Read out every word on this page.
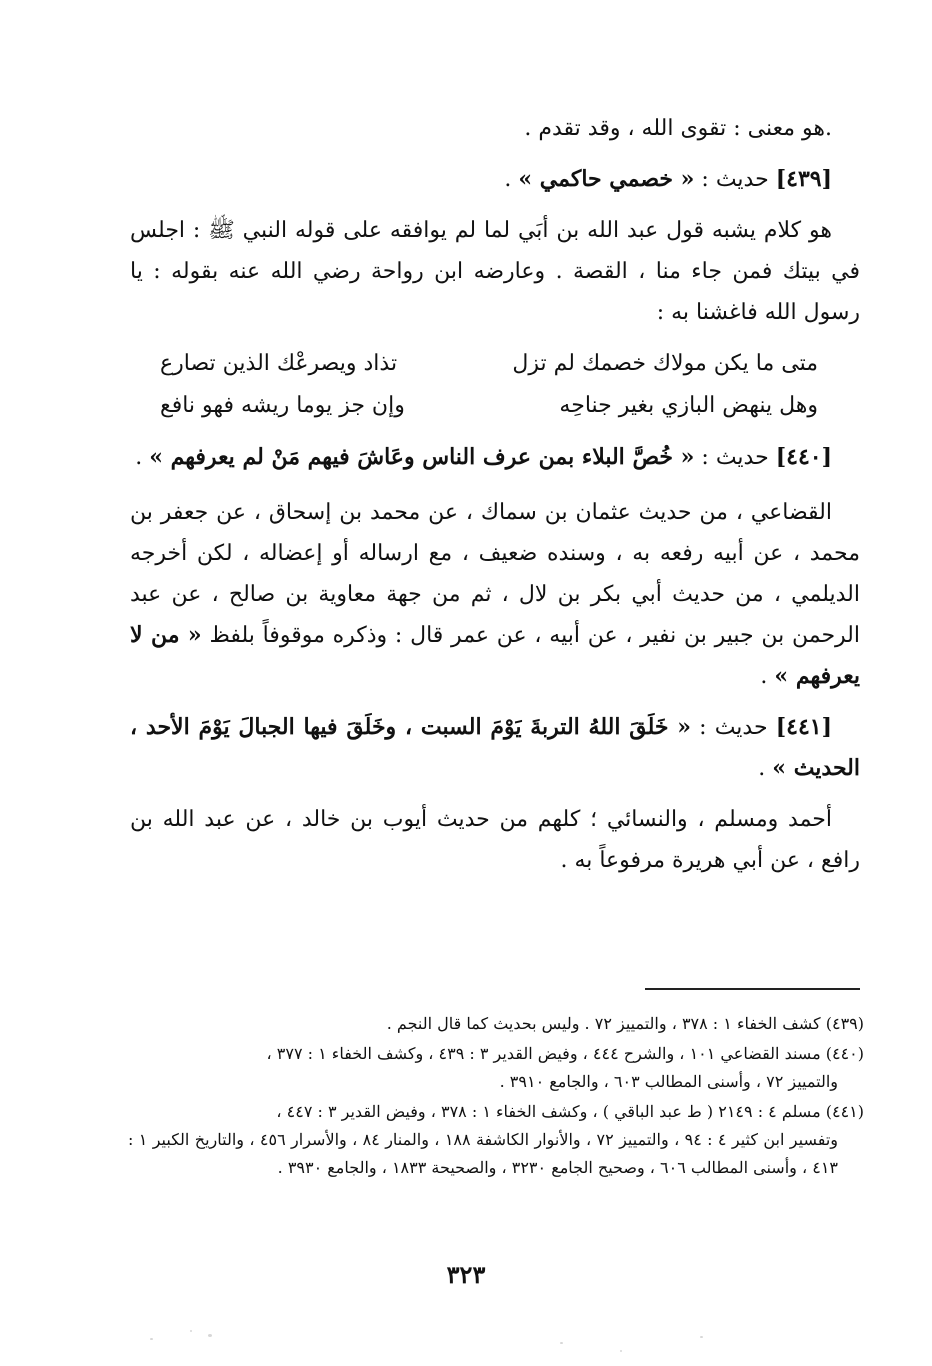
.هو معنى : تقوى الله ، وقد تقدم .

[٤٣٩] حديث : « خصمي حاكمي » .

هو كلام يشبه قول عبد الله بن أبَي لما لم يوافقه على قوله النبي ﷺ : اجلس في بيتك فمن جاء منا ، القصة . وعارضه ابن رواحة رضي الله عنه بقوله : يا رسول الله فاغشنا به :

متى ما يكن مولاك خصمك لم تزل
تذاد ويصرعْك الذين تصارع
وهل ينهض البازي بغير جناحِه
وإن جز يوما ريشه فهو نافع

[٤٤٠] حديث : « خُصَّ البلاء بمن عرف الناس وعَاشَ فيهم مَنْ لم يعرفهم » .

القضاعي ، من حديث عثمان بن سماك ، عن محمد بن إسحاق ، عن جعفر بن محمد ، عن أبيه رفعه به ، وسنده ضعيف ، مع ارساله أو إعضاله ، لكن أخرجه الديلمي ، من حديث أبي بكر بن لال ، ثم من جهة معاوية بن صالح ، عن عبد الرحمن بن جبير بن نفير ، عن أبيه ، عن عمر قال : وذكره موقوفاً بلفظ « من لا يعرفهم » .

[٤٤١] حديث : « خَلَقَ اللهُ التربةَ يَوْمَ السبت ، وخَلَقَ فيها الجبالَ يَوْمَ الأحد ، الحديث » .

أحمد ومسلم ، والنسائي ؛ كلهم من حديث أيوب بن خالد ، عن عبد الله بن رافع ، عن أبي هريرة مرفوعاً به .

(٤٣٩) كشف الخفاء ١ : ٣٧٨ ، والتمييز ٧٢ . وليس بحديث كما قال النجم .

(٤٤٠) مسند القضاعي ١٠١ ، والشرح ٤٤٤ ، وفيض القدير ٣ : ٤٣٩ ، وكشف الخفاء ١ : ٣٧٧ ،
والتمييز ٧٢ ، وأسنى المطالب ٦٠٣ ، والجامع ٣٩١٠ .

(٤٤١) مسلم ٤ : ٢١٤٩ ( ط عبد الباقي ) ، وكشف الخفاء ١ : ٣٧٨ ، وفيض القدير ٣ : ٤٤٧ ،
وتفسير ابن كثير ٤ : ٩٤ ، والتمييز ٧٢ ، والأنوار الكاشفة ١٨٨ ، والمنار ٨٤ ، والأسرار ٤٥٦ ، والتاريخ الكبير ١ : ٤١٣ ، وأسنى المطالب ٦٠٦ ، وصحيح الجامع ٣٢٣٠ ، والصحيحة ١٨٣٣ ، والجامع ٣٩٣٠ .

٣٢٣
